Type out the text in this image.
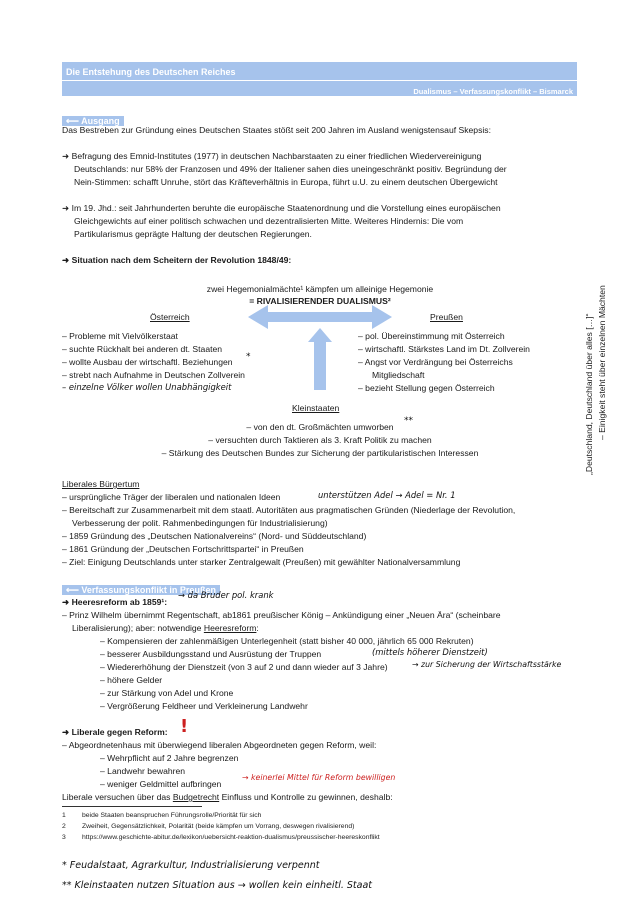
Die Entstehung des Deutschen Reiches
Dualismus – Verfassungskonflikt – Bismarck
⟵ Ausgang
Das Bestreben zur Gründung eines Deutschen Staates stößt seit 200 Jahren im Ausland wenigstensauf Skepsis:
➜ Befragung des Emnid-Institutes (1977) in deutschen Nachbarstaaten zu einer friedlichen Wiedervereinigung
Deutschlands: nur 58% der Franzosen und 49% der Italiener sahen dies uneingeschränkt positiv. Begründung der
Nein-Stimmen: schafft Unruhe, stört das Kräfteverhältnis in Europa, führt u.U. zu einem deutschen Übergewicht
➜ Im 19. Jhd.: seit Jahrhunderten beruhte die europäische Staatenordnung und die Vorstellung eines europäischen
Gleichgewichts auf einer politisch schwachen und dezentralisierten Mitte. Weiteres Hindernis: Die vom
Partikularismus geprägte Haltung der deutschen Regierungen.
➜ Situation nach dem Scheitern der Revolution 1848/49:
zwei Hegemonialmächte¹ kämpfen um alleinige Hegemonie
= RIVALISIERENDER DUALISMUS²
Österreich	Preußen
– Probleme mit Vielvölkerstaat
– suchte Rückhalt bei anderen dt. Staaten
– wollte Ausbau der wirtschaftl. Beziehungen *
– strebt nach Aufnahme in Deutschen Zollverein
– einzelne Völker wollen Unabhängigkeit
– pol. Übereinstimmung mit Österreich
– wirtschaftl. Stärkstes Land im Dt. Zollverein
– Angst vor Verdrängung bei Österreichs
Mitgliedschaft
– bezieht Stellung gegen Österreich
Kleinstaaten
– von den dt. Großmächten umworben
**
– versuchten durch Taktieren als 3. Kraft Politik zu machen
– Stärkung des Deutschen Bundes zur Sicherung der partikularistischen Interessen	„Deutschland, Deutschland über alles […]“ – Einigkeit steht über einzelnen Mächten
Liberales Bürgertum
– ursprüngliche Träger der liberalen und nationalen Ideen	unterstützen Adel → Adel = Nr. 1
– Bereitschaft zur Zusammenarbeit mit dem staatl. Autoritäten aus pragmatischen Gründen (Niederlage der Revolution,
Verbesserung der polit. Rahmenbedingungen für Industrialisierung)
– 1859 Gründung des „Deutschen Nationalvereins“ (Nord- und Süddeutschland)
– 1861 Gründung der „Deutschen Fortschrittspartei“ in Preußen
– Ziel: Einigung Deutschlands unter starker Zentralgewalt (Preußen) mit gewählter Nationalversammlung
⟵ Verfassungskonflikt in Preußen
→ da Bruder pol. krank
➜ Heeresreform ab 1859¹:
– Prinz Wilhelm übernimmt Regentschaft, ab1861 preußischer König – Ankündigung einer „Neuen Ära“ (scheinbare
Liberalisierung); aber: notwendige Heeresreform:
– Kompensieren der zahlenmäßigen Unterlegenheit (statt bisher 40 000, jährlich 65 000 Rekruten)
– besserer Ausbildungsstand und Ausrüstung der Truppen	(mittels höherer Dienstzeit)
– Wiedererhöhung der Dienstzeit (von 3 auf 2 und dann wieder auf 3 Jahre)	→ zur Sicherung der Wirtschaftsstärke
– höhere Gelder
– zur Stärkung von Adel und Krone
– Vergrößerung Feldheer und Verkleinerung Landwehr
➜ Liberale gegen Reform: !
– Abgeordnetenhaus mit überwiegend liberalen Abgeordneten gegen Reform, weil:
– Wehrpflicht auf 2 Jahre begrenzen
– Landwehr bewahren
– weniger Geldmittel aufbringen
→ keinerlei Mittel für Reform bewilligen
Liberale versuchen über das Budgetrecht Einfluss und Kontrolle zu gewinnen, deshalb:
1 beide Staaten beanspruchen Führungsrolle/Priorität für sich
2 Zweiheit, Gegensätzlichkeit, Polarität (beide kämpfen um Vorrang, deswegen rivalisierend)
3 https://www.geschichte-abitur.de/lexikon/uebersicht-reaktion-dualismus/preussischer-heereskonflikt
* Feudalstaat, Agrarkultur, Industrialisierung verpennt
** Kleinstaaten nutzen Situation aus → wollen kein einheitl. Staat
